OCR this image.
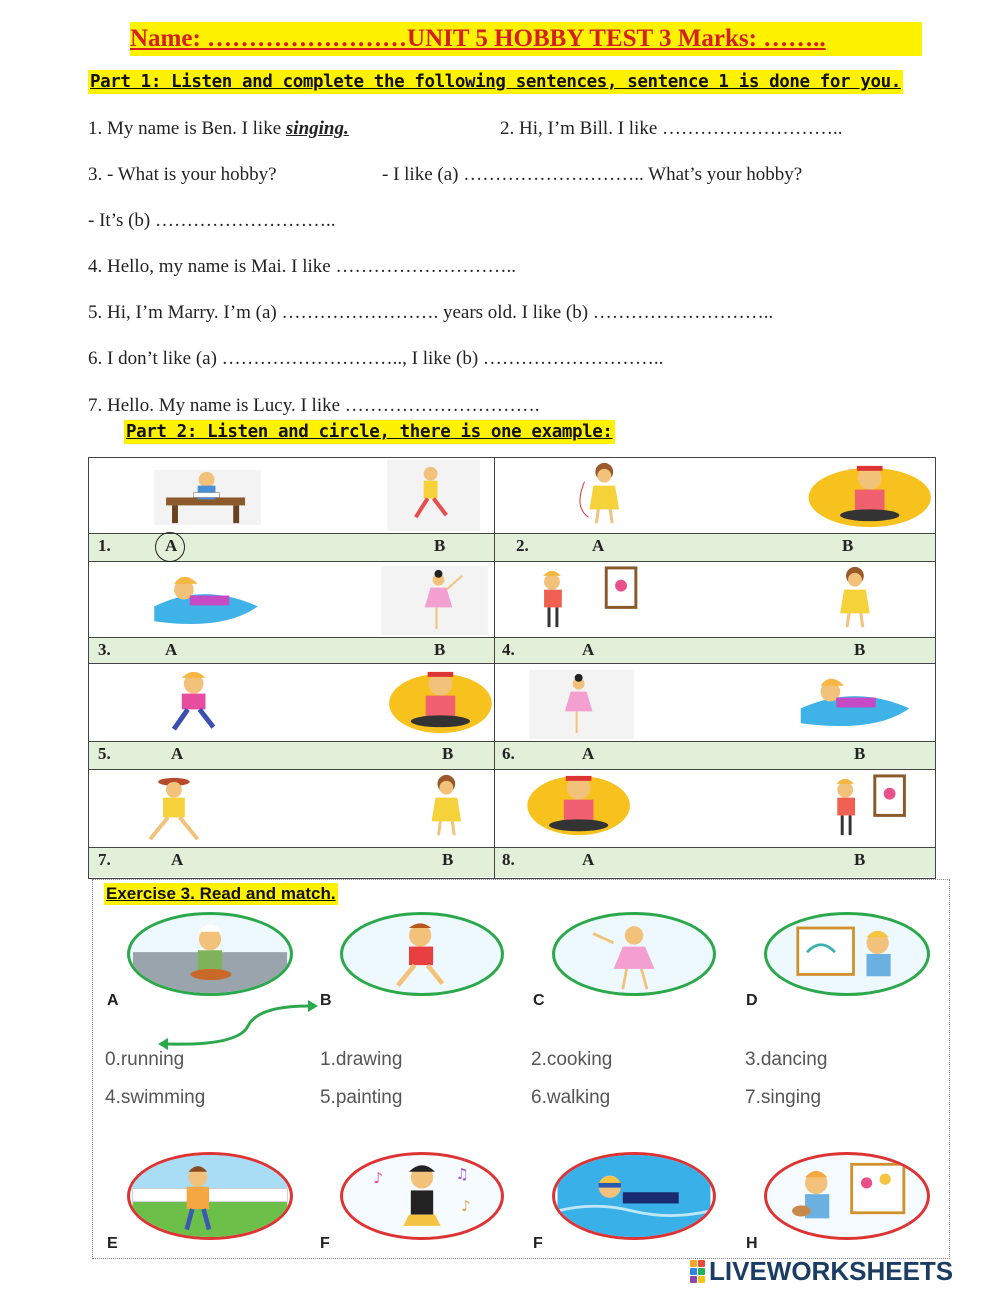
Name: ……………………UNIT 5 HOBBY TEST 3 Marks: ……..
Part 1: Listen and complete the following sentences, sentence 1 is done for you.
1. My name is Ben. I like singing.	2. Hi, I’m Bill. I like ………………………..
3. - What is your hobby?	- I like (a) ……………………….. What’s your hobby?
- It’s (b) ………………………..
4. Hello, my name is Mai. I like ………………………..
5. Hi, I’m Marry. I’m (a) ……………………. years old. I like (b) ………………………..
6. I don’t like (a) ……………………….., I like (b) ………………………..
7. Hello. My name is Lucy. I like ………………………….
Part 2: Listen and circle, there is one example:
1.	A	B	2.	A	B
3.	A	B	4.	A	B
5.	A	B	6.	A	B
7.	A	B	8.	A	B
Exercise 3. Read and match.
A	B	C	D
0.running	1.drawing	2.cooking	3.dancing
4.swimming	5.painting	6.walking	7.singing
♪	♫
♪
E	F	F	H
LIVEWORKSHEETS
